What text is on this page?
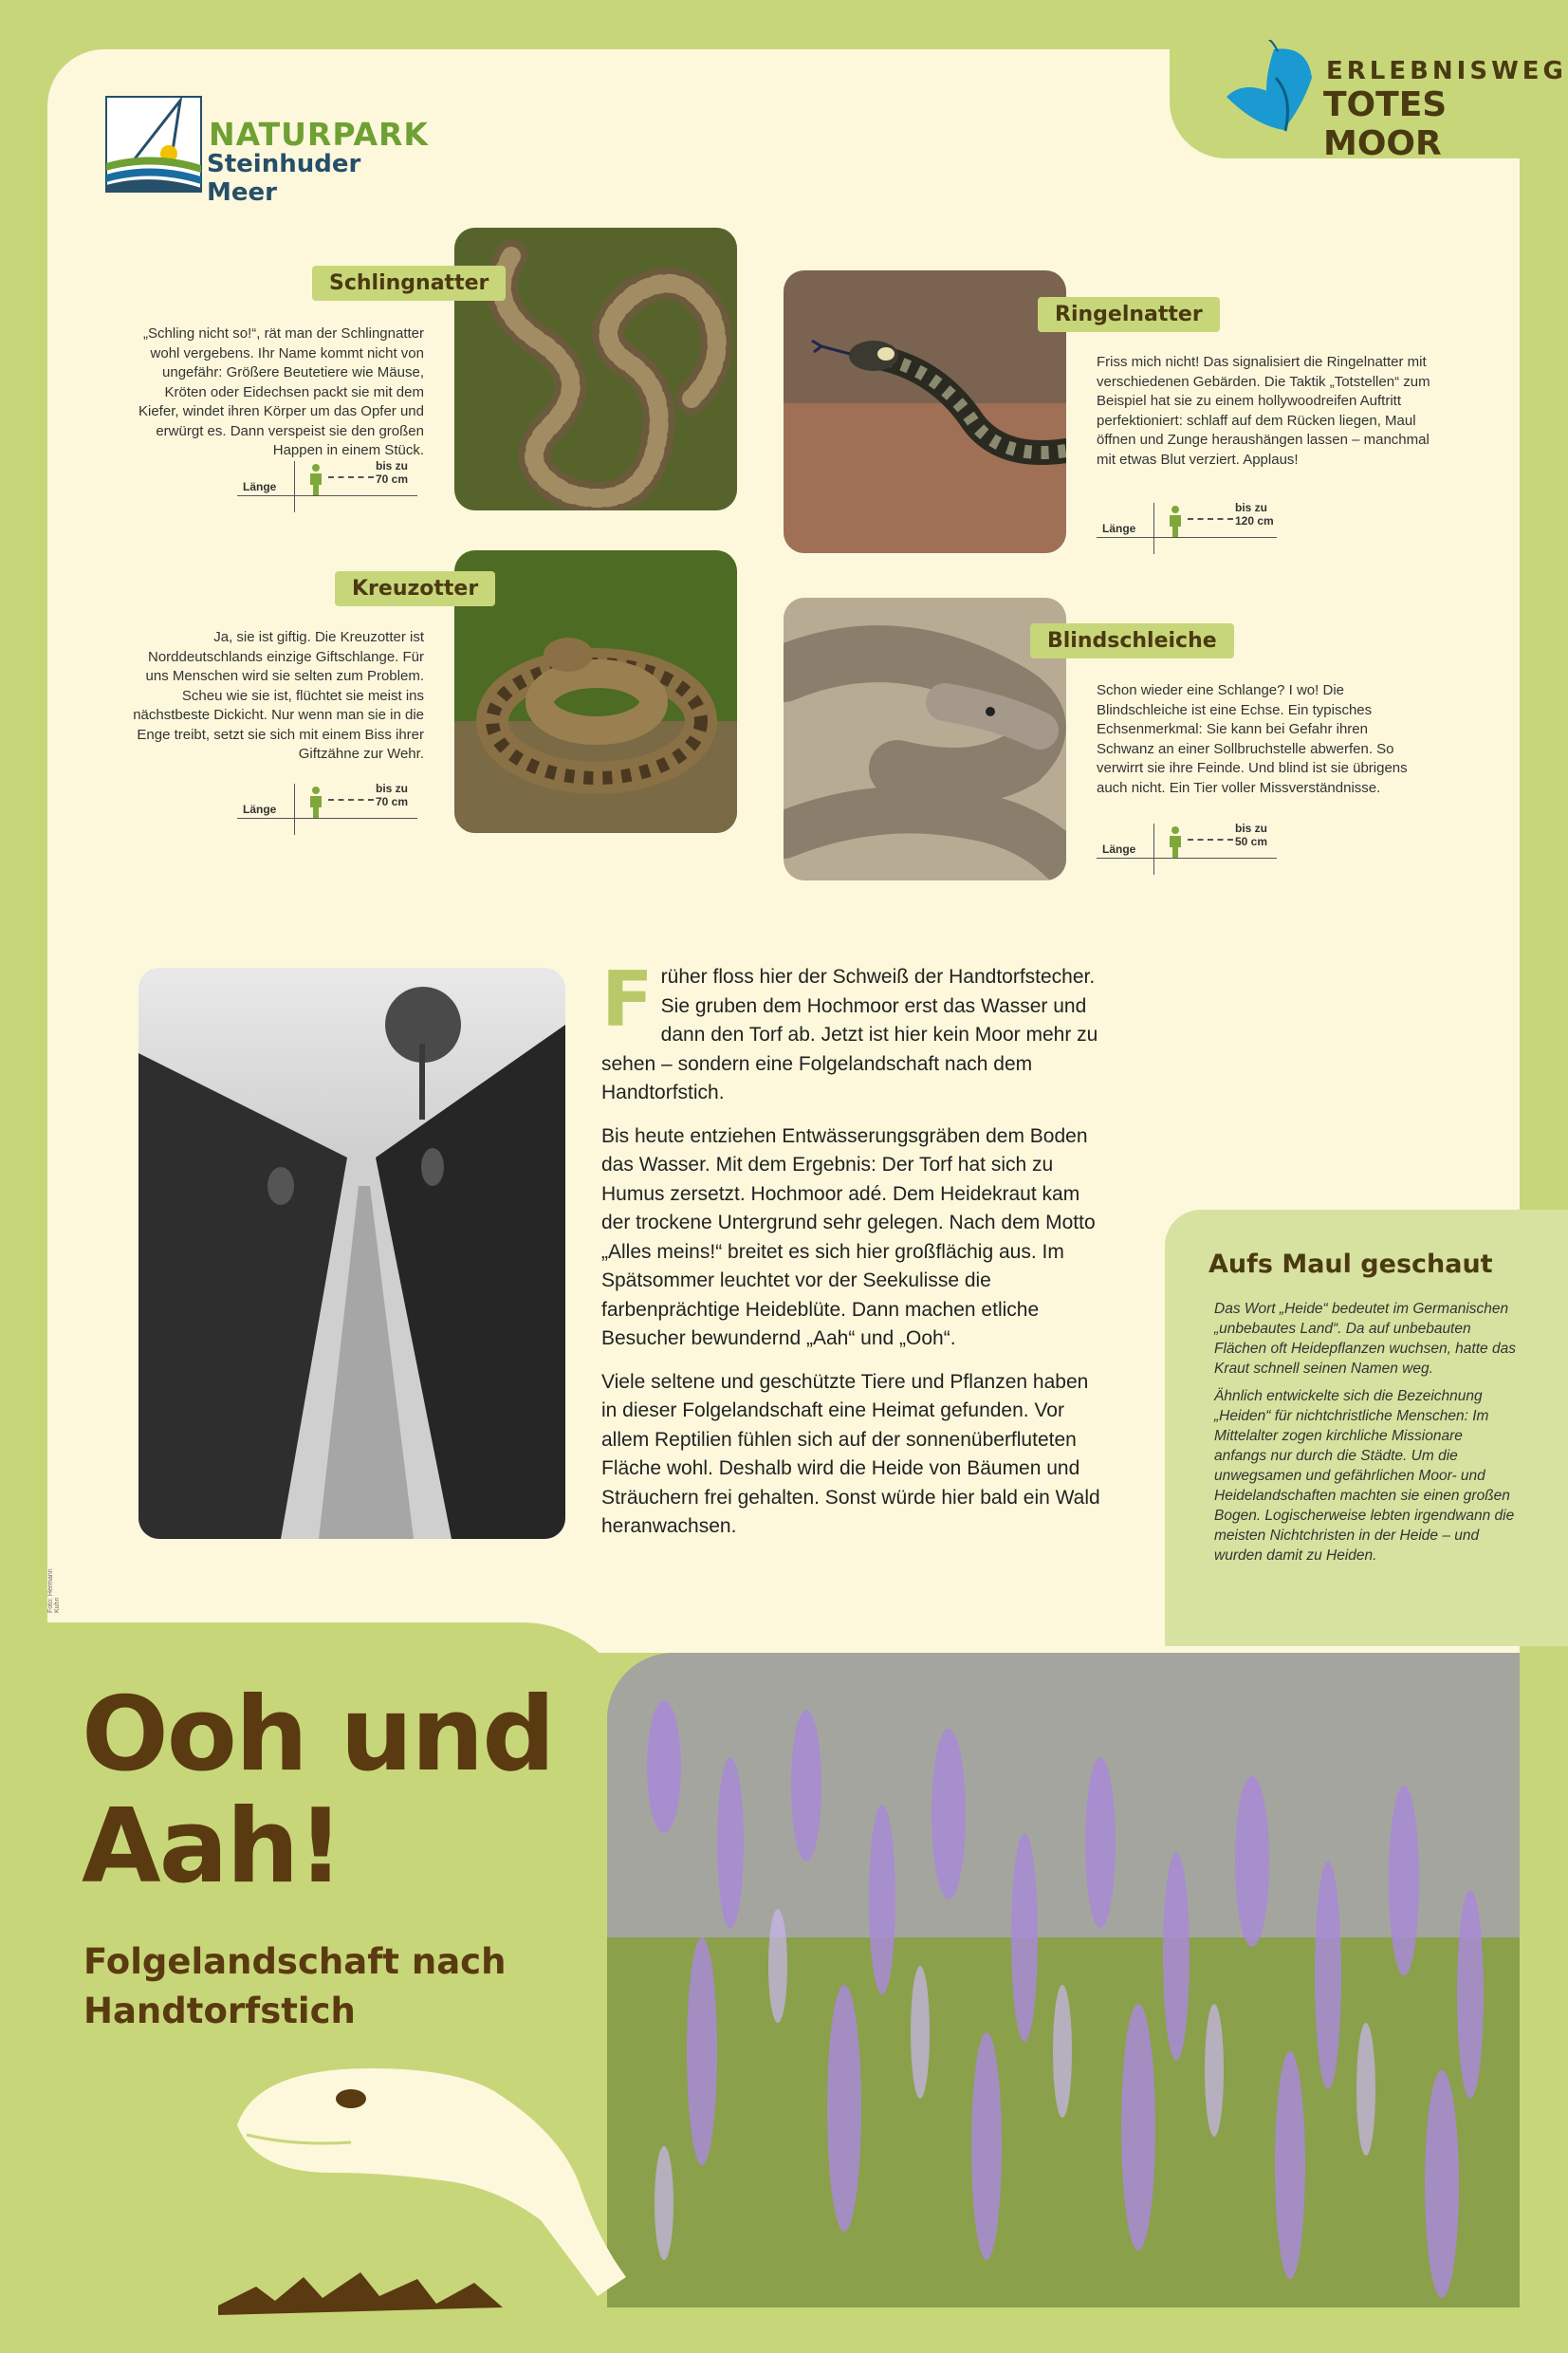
NATURPARK
Steinhuder Meer
ERLEBNISWEG
TOTES MOOR
Schlingnatter
„Schling nicht so!“, rät man der Schlingnatter wohl vergebens. Ihr Name kommt nicht von ungefähr: Größere Beutetiere wie Mäuse, Kröten oder Eidechsen packt sie mit dem Kiefer, windet ihren Körper um das Opfer und erwürgt es. Dann verspeist sie den großen Happen in einem Stück.
Länge
bis zu
70 cm
Ringelnatter
Friss mich nicht! Das signalisiert die Ringelnatter mit verschiedenen Gebärden. Die Taktik „Totstellen“ zum Beispiel hat sie zu einem hollywoodreifen Auftritt perfektioniert: schlaff auf dem Rücken liegen, Maul öffnen und Zunge heraushängen lassen – manchmal mit etwas Blut verziert. Applaus!
Länge
bis zu
120 cm
Kreuzotter
Ja, sie ist giftig. Die Kreuzotter ist Norddeutschlands einzige Giftschlange. Für uns Menschen wird sie selten zum Problem. Scheu wie sie ist, flüchtet sie meist ins nächstbeste Dickicht. Nur wenn man sie in die Enge treibt, setzt sie sich mit einem Biss ihrer Giftzähne zur Wehr.
Länge
bis zu
70 cm
Blindschleiche
Schon wieder eine Schlange? I wo! Die Blindschleiche ist eine Echse. Ein typisches Echsenmerkmal: Sie kann bei Gefahr ihren Schwanz an einer Sollbruchstelle abwerfen. So verwirrt sie ihre Feinde. Und blind ist sie übrigens auch nicht. Ein Tier voller Missverständnisse.
Länge
bis zu
50 cm

Früher floss hier der Schweiß der Handtorfstecher. Sie gruben dem Hochmoor erst das Wasser und dann den Torf ab. Jetzt ist hier kein Moor mehr zu sehen – sondern eine Folgelandschaft nach dem Handtorfstich.

Bis heute entziehen Entwässerungsgräben dem Boden das Wasser. Mit dem Ergebnis: Der Torf hat sich zu Humus zersetzt. Hochmoor adé. Dem Heidekraut kam der trockene Untergrund sehr gelegen. Nach dem Motto „Alles meins!“ breitet es sich hier großflächig aus. Im Spätsommer leuchtet vor der Seekulisse die farbenprächtige Heideblüte. Dann machen etliche Besucher bewundernd „Aah“ und „Ooh“.

Viele seltene und geschützte Tiere und Pflanzen haben in dieser Folgelandschaft eine Heimat gefunden. Vor allem Reptilien fühlen sich auf der sonnenüberfluteten Fläche wohl. Deshalb wird die Heide von Bäumen und Sträuchern frei gehalten. Sonst würde hier bald ein Wald heranwachsen.

Aufs Maul geschaut

Das Wort „Heide“ bedeutet im Germanischen „unbebautes Land“. Da auf unbebauten Flächen oft Heidepflanzen wuchsen, hatte das Kraut schnell seinen Namen weg.

Ähnlich entwickelte sich die Bezeichnung „Heiden“ für nichtchristliche Menschen: Im Mittelalter zogen kirchliche Missionare anfangs nur durch die Städte. Um die unwegsamen und gefährlichen Moor- und Heidelandschaften machten sie einen großen Bogen. Logischerweise lebten irgendwann die meisten Nichtchristen in der Heide – und wurden damit zu Heiden.

Foto: Hermann Kuhn
Ooh und
Aah!
Folgelandschaft nach
Handtorfstich
